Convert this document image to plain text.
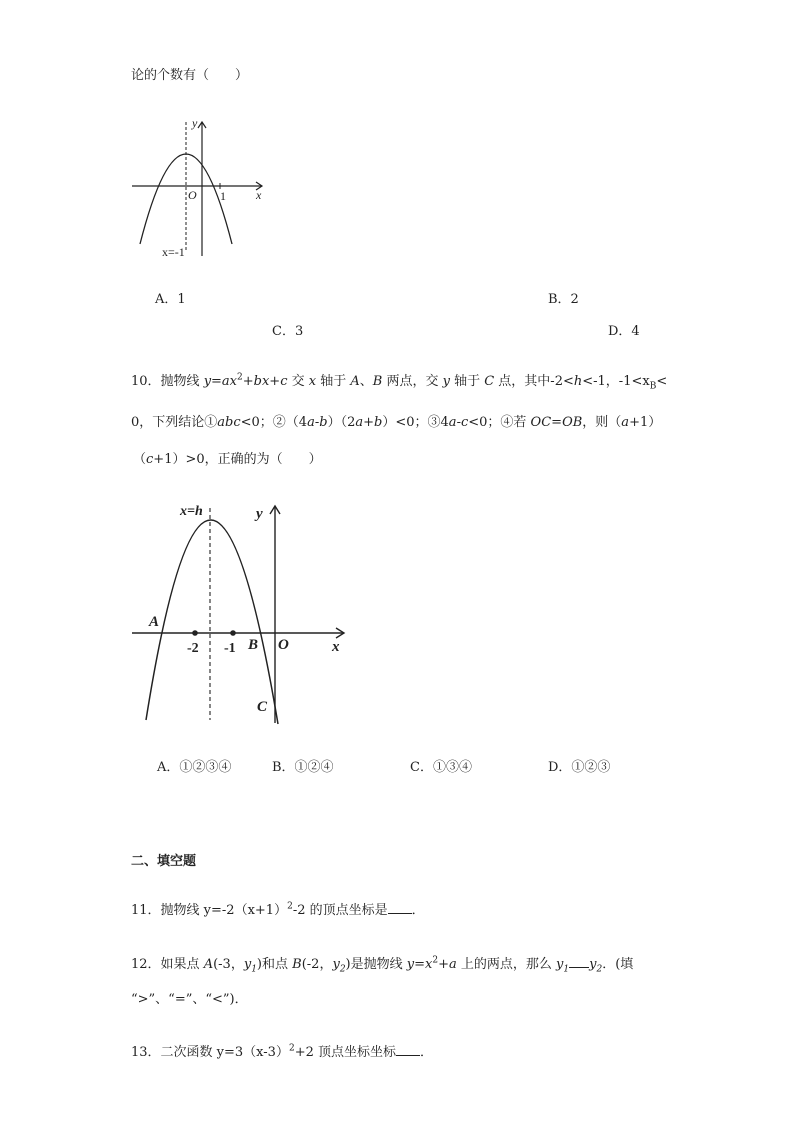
论的个数有（　　）
y
x
O 1
x=-1
A．1	B．2
C．3	D．4
10．抛物线 $y=ax^2+bx+c$ 交 x 轴于 A、B 两点，交 y 轴于 C 点，其中-2<h<-1，$-1<x_B<$
0，下列结论①abc<0；②（4a-b）（2a+b）<0；③4a-c<0；④若 OC=OB，则（a+1）
（c+1）>0，正确的为（　　）
x=h	y
x
A
B
C
O
-2 -1
A．①②③④	B．①②④	C．①③④	D．①②③
二、填空题
11．抛物线 $y=-2(x+1)^2-2$ 的顶点坐标是 ．
12．如果点 A(-3，$y_1$)和点 B(-2，$y_2$)是抛物线 $y=x^2+a$ 上的两点，那么 $y_1$ $y_2$．(填
“>”、“=”、“<”)．
13．二次函数 $y=3(x-3)^2+2$ 顶点坐标坐标 ．
